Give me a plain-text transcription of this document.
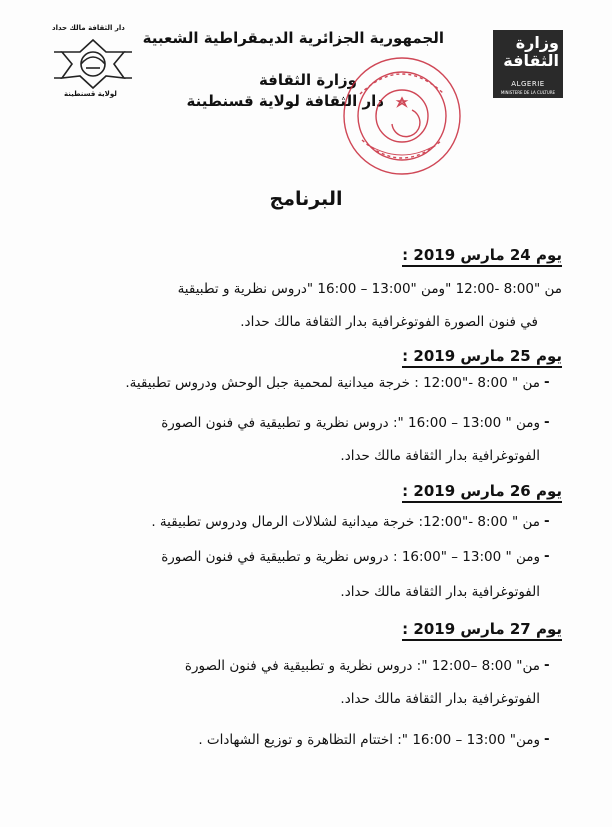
دار الثقافة مالك حداد
لولاية قسنطينة
الجمهورية الجزائرية الديمقراطية الشعبية
وزارة الثقافة
دار الثقافة لولاية قسنطينة
وزارة الثقافة
ALGERIE
MINISTERE DE LA CULTURE
البرنامج
يوم 24 مارس 2019 :
من "8:00 -12:00 "ومن "13:00 – 16:00 "دروس نظرية و تطبيقية
في فنون الصورة الفوتوغرافية بدار الثقافة مالك حداد.
يوم 25 مارس 2019 :
-
من " 8:00 -"12:00 : خرجة ميدانية لمحمية جبل الوحش ودروس تطبيقية.
-
ومن " 13:00 – 16:00 ": دروس نظرية و تطبيقية في فنون الصورة
الفوتوغرافية بدار الثقافة مالك حداد.
يوم 26 مارس 2019 :
-
من " 8:00 -"12:00: خرجة ميدانية لشلالات الرمال ودروس تطبيقية .
-
ومن " 13:00 – "16:00 : دروس نظرية و تطبيقية في فنون الصورة
الفوتوغرافية بدار الثقافة مالك حداد.
يوم 27 مارس 2019 :
-
من" 8:00 –12:00 ": دروس نظرية و تطبيقية في فنون الصورة
الفوتوغرافية بدار الثقافة مالك حداد.
-
ومن" 13:00 – 16:00 ": اختتام التظاهرة و توزيع الشهادات .
